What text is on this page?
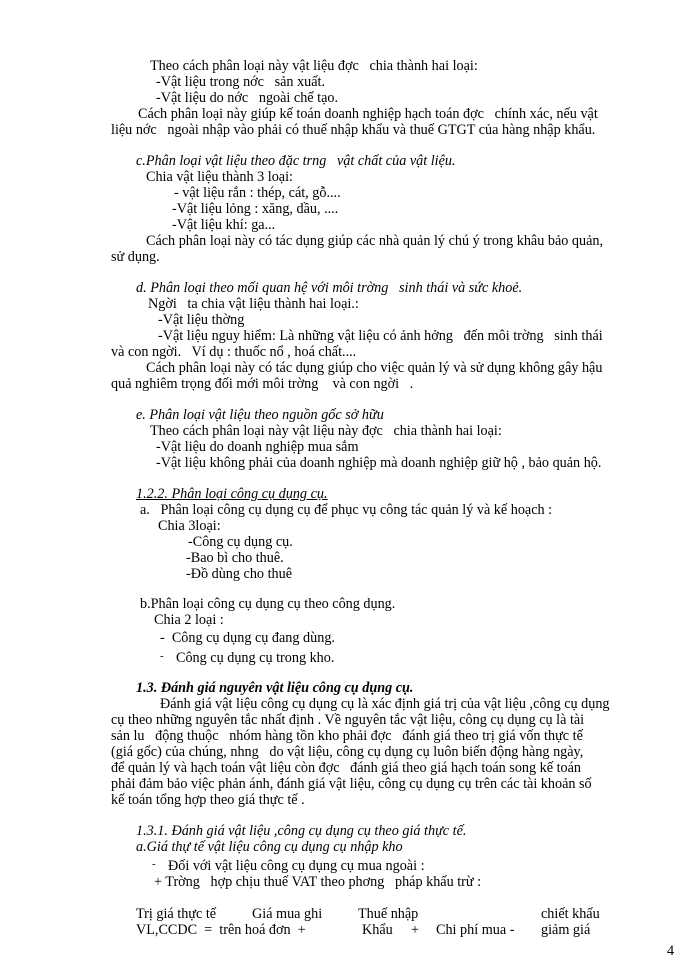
Theo cách phân loại này vật liệu đợc   chia thành hai loại:
-Vật liệu trong nớc   sản xuất.
-Vật liệu do nớc   ngoài chế tạo.
Cách phân loại này giúp kế toán doanh nghiệp hạch toán đợc   chính xác, nếu vật
liệu nớc   ngoài nhập vào phải có thuế nhập khẩu và thuế GTGT của hàng nhập khẩu.
c.Phân loại vật liệu theo đặc trng   vật chất của vật liệu.
Chia vật liệu thành 3 loại:
- vật liệu rắn : thép, cát, gỗ....
-Vật liệu lỏng : xăng, dầu, ....
-Vật liệu khí: ga...
Cách phân loại này có tác dụng giúp các nhà quản lý chú ý trong khâu bảo quản,
sử dụng.
d. Phân loại theo mối quan hệ với môi trờng   sinh thái và sức khoẻ.
Ngời   ta chia vật liệu thành hai loại.:
-Vật liệu thờng
-Vật liệu nguy hiểm: Là những vật liệu có ảnh hởng   đến môi trờng   sinh thái
và con ngời.   Ví dụ : thuốc nổ , hoá chất....
Cách phân loại này có tác dụng giúp cho việc quản lý và sử dụng không gây hậu
quả nghiêm trọng đối mới môi trờng    và con ngời   .
e. Phân loại vật liệu theo nguồn gốc sở hữu
Theo cách phân loại này vật liệu này đợc   chia thành hai loại:
-Vật liệu do doanh nghiệp mua sắm
-Vật liệu không phải của doanh nghiệp mà doanh nghiệp giữ hộ , bảo quản hộ.
1.2.2. Phân loại công cụ dụng cụ.
a.   Phân loại công cụ dụng cụ để phục vụ công tác quản lý và kế hoạch :
Chia 3loại:
-Công cụ dụng cụ.
-Bao bì cho thuê.
-Đồ dùng cho thuê
b.Phân loại công cụ dụng cụ theo công dụng.
Chia 2 loại :
-  Công cụ dụng cụ đang dùng.
- Công cụ dụng cụ trong kho.
1.3. Đánh giá nguyên vật liệu công cụ dụng cụ.
Đánh giá vật liệu công cụ dụng cụ là xác định giá trị của vật liệu ,công cụ dụng
cụ theo những nguyên tắc nhất định . Về nguyên tắc vật liệu, công cụ dụng cụ là tài
sản lu   động thuộc   nhóm hàng tồn kho phải đợc   đánh giá theo trị giá vốn thực tế
(giá gốc) của chúng, nhng   do vật liệu, công cụ dụng cụ luôn biến động hàng ngày,
để quản lý và hạch toán vật liệu còn đợc   đánh giá theo giá hạch toán song kế toán
phải đảm bảo việc phản ánh, đánh giá vật liệu, công cụ dụng cụ trên các tài khoản số
kế toán tổng hợp theo giá thực tế .
1.3.1. Đánh giá vật liệu ,công cụ dụng cụ theo giá thực tế.
a.Giá thự tế vật liệu công cụ dụng cụ nhập kho
- Đối với vật liệu công cụ dụng cụ mua ngoài :
+ Trờng   hợp chịu thuế VAT theo phơng   pháp khấu trừ :
Trị giá thực tế	Giá mua ghi	Thuế nhập	chiết khấu
VL,CCDC  =  trên hoá đơn  +	Khẩu + Chi phí mua - giảm giá
4
